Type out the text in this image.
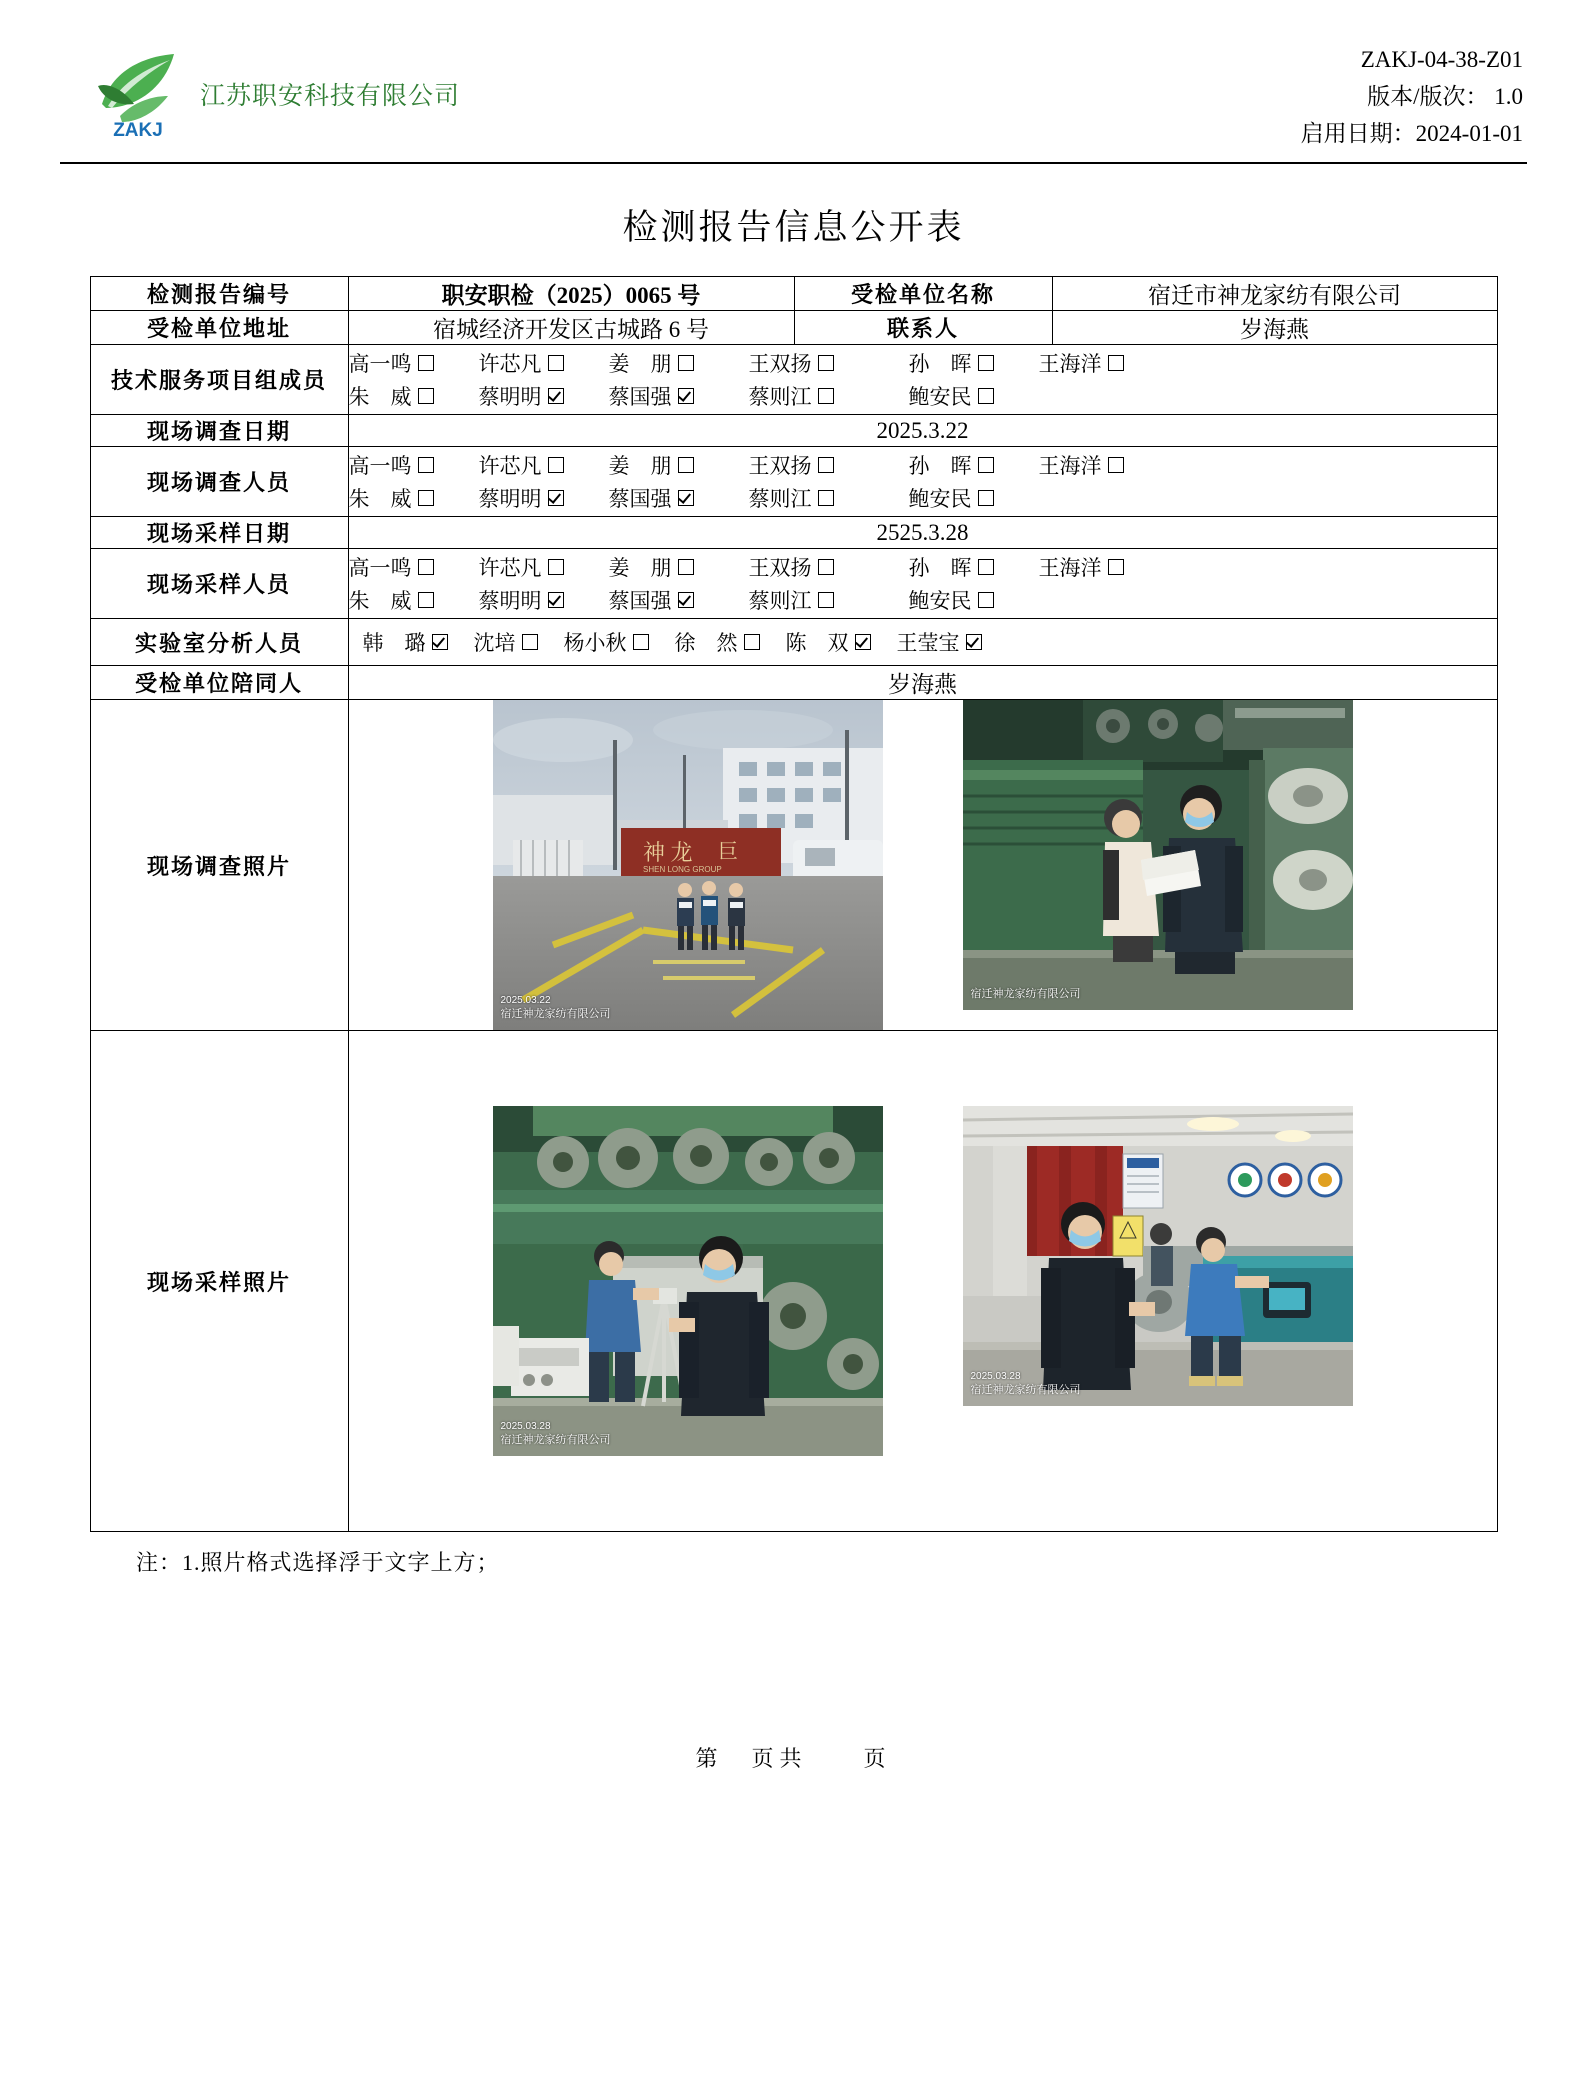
ZAKJ
江苏职安科技有限公司
ZAKJ-04-38-Z01
版本/版次： 1.0
启用日期：2024-01-01
检测报告信息公开表
检测报告编号	职安职检（2025）0065 号	受检单位名称	宿迁市神龙家纺有限公司
受检单位地址	宿城经济开发区古城路 6 号	联系人	岁海燕
技术服务项目组成员	
高一鸣	许芯凡	姜　朋	王双扬	孙　晖	王海洋
朱　威	蔡明明	蔡国强	蔡则江	鲍安民

现场调查日期	2025.3.22		
现场调查人员	
高一鸣	许芯凡	姜　朋	王双扬	孙　晖	王海洋
朱　威	蔡明明	蔡国强	蔡则江	鲍安民

现场采样日期	2525.3.28		
现场采样人员	
高一鸣	许芯凡	姜　朋	王双扬	孙　晖	王海洋
朱　威	蔡明明	蔡国强	蔡则江	鲍安民

实验室分析人员	韩　璐 沈培 杨小秋 徐　然 陈　双 王莹宝

受检单位陪同人	岁海燕		
现场调查照片	
神 龙 巨
SHEN LONG GROUP
2025.03.22
宿迁神龙家纺有限公司
宿迁神龙家纺有限公司

现场采样照片	2025.03.28
宿迁神龙家纺有限公司
2025.03.28
宿迁神龙家纺有限公司		
注：1.照片格式选择浮于文字上方；
第　页共　　页
